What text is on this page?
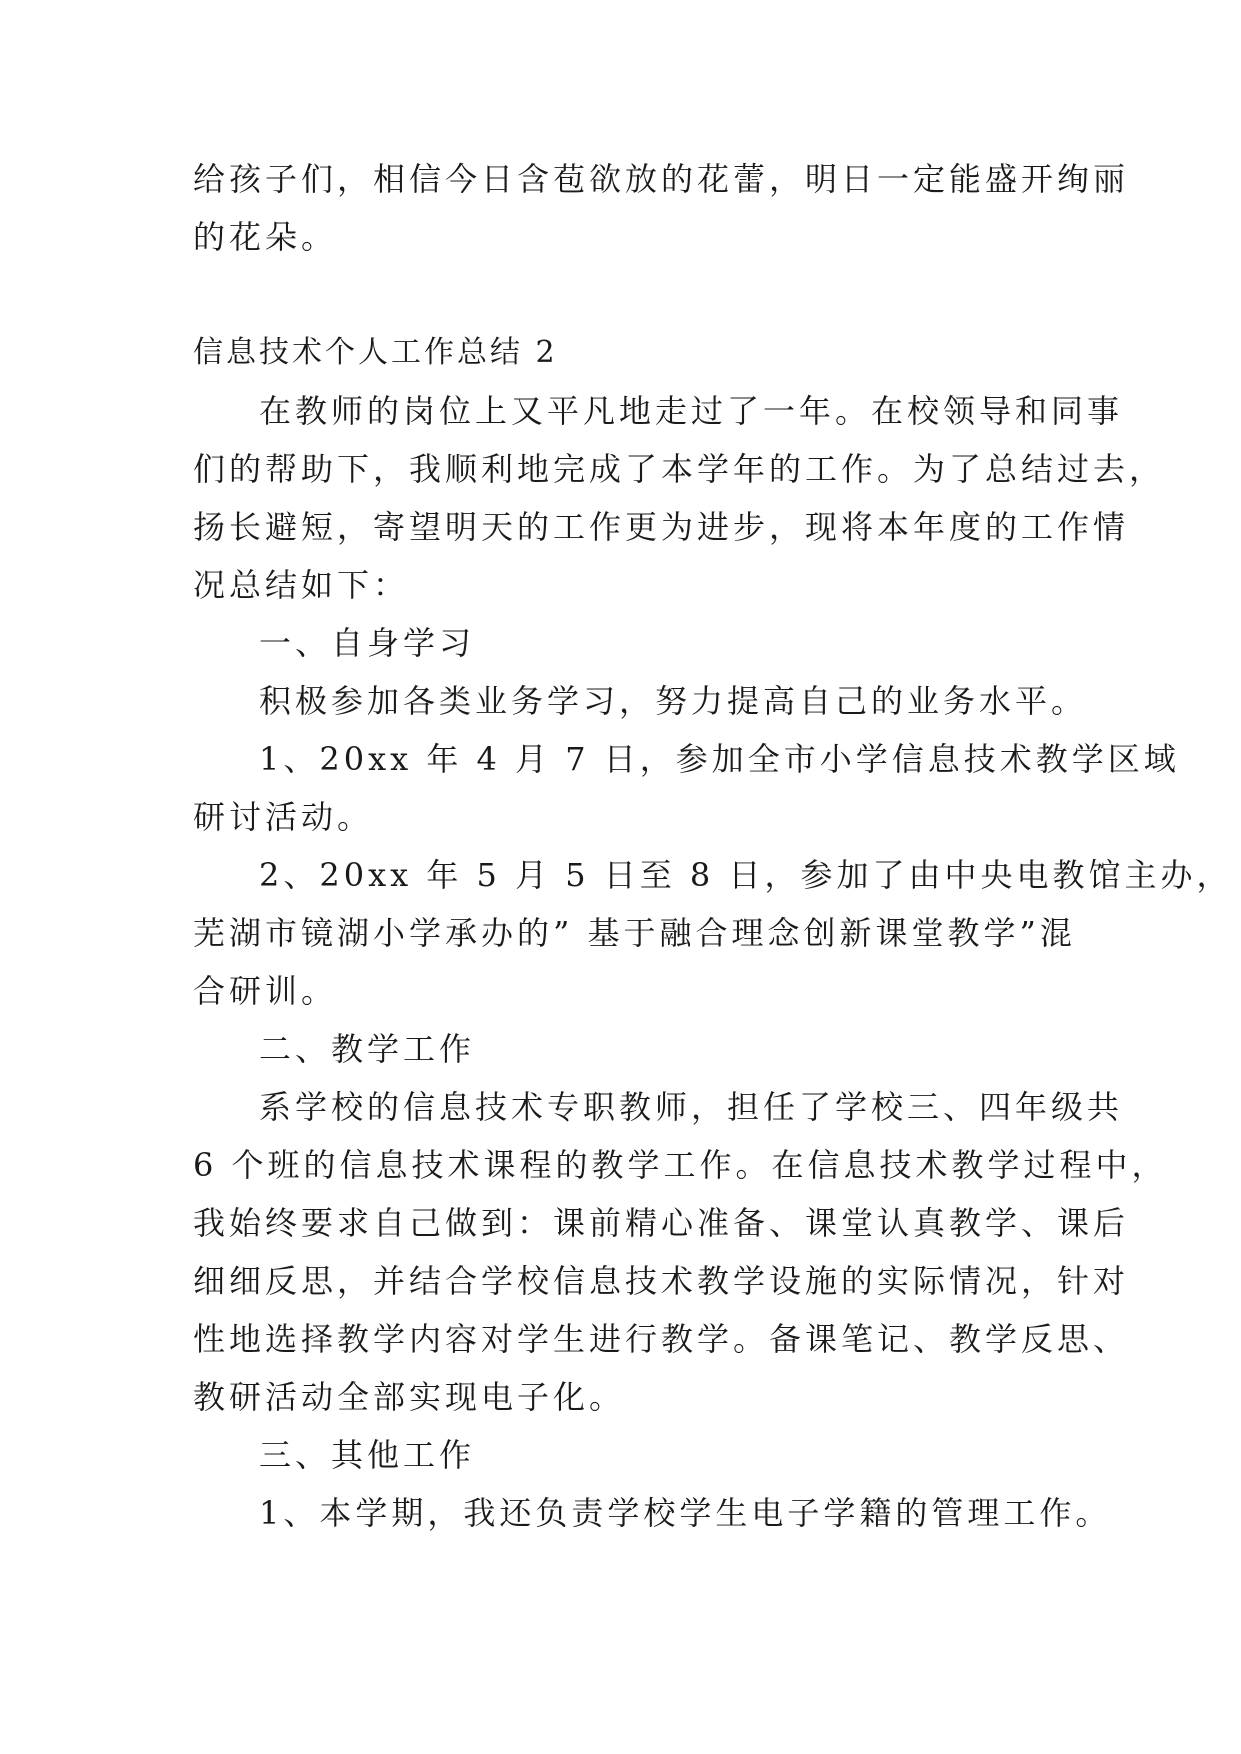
给孩子们，相信今日含苞欲放的花蕾，明日一定能盛开绚丽

的花朵。

信息技术个人工作总结 2

在教师的岗位上又平凡地走过了一年。在校领导和同事

们的帮助下，我顺利地完成了本学年的工作。为了总结过去，

扬长避短，寄望明天的工作更为进步，现将本年度的工作情

况总结如下：

一、自身学习

积极参加各类业务学习，努力提高自己的业务水平。

1、20xx 年 4 月 7 日，参加全市小学信息技术教学区域

研讨活动。

2、20xx 年 5 月 5 日至 8 日，参加了由中央电教馆主办，

芜湖市镜湖小学承办的” 基于融合理念创新课堂教学”混

合研训。

二、教学工作

系学校的信息技术专职教师，担任了学校三、四年级共

6 个班的信息技术课程的教学工作。在信息技术教学过程中，

我始终要求自己做到：课前精心准备、课堂认真教学、课后

细细反思，并结合学校信息技术教学设施的实际情况，针对

性地选择教学内容对学生进行教学。备课笔记、教学反思、

教研活动全部实现电子化。

三、其他工作

1、本学期，我还负责学校学生电子学籍的管理工作。
